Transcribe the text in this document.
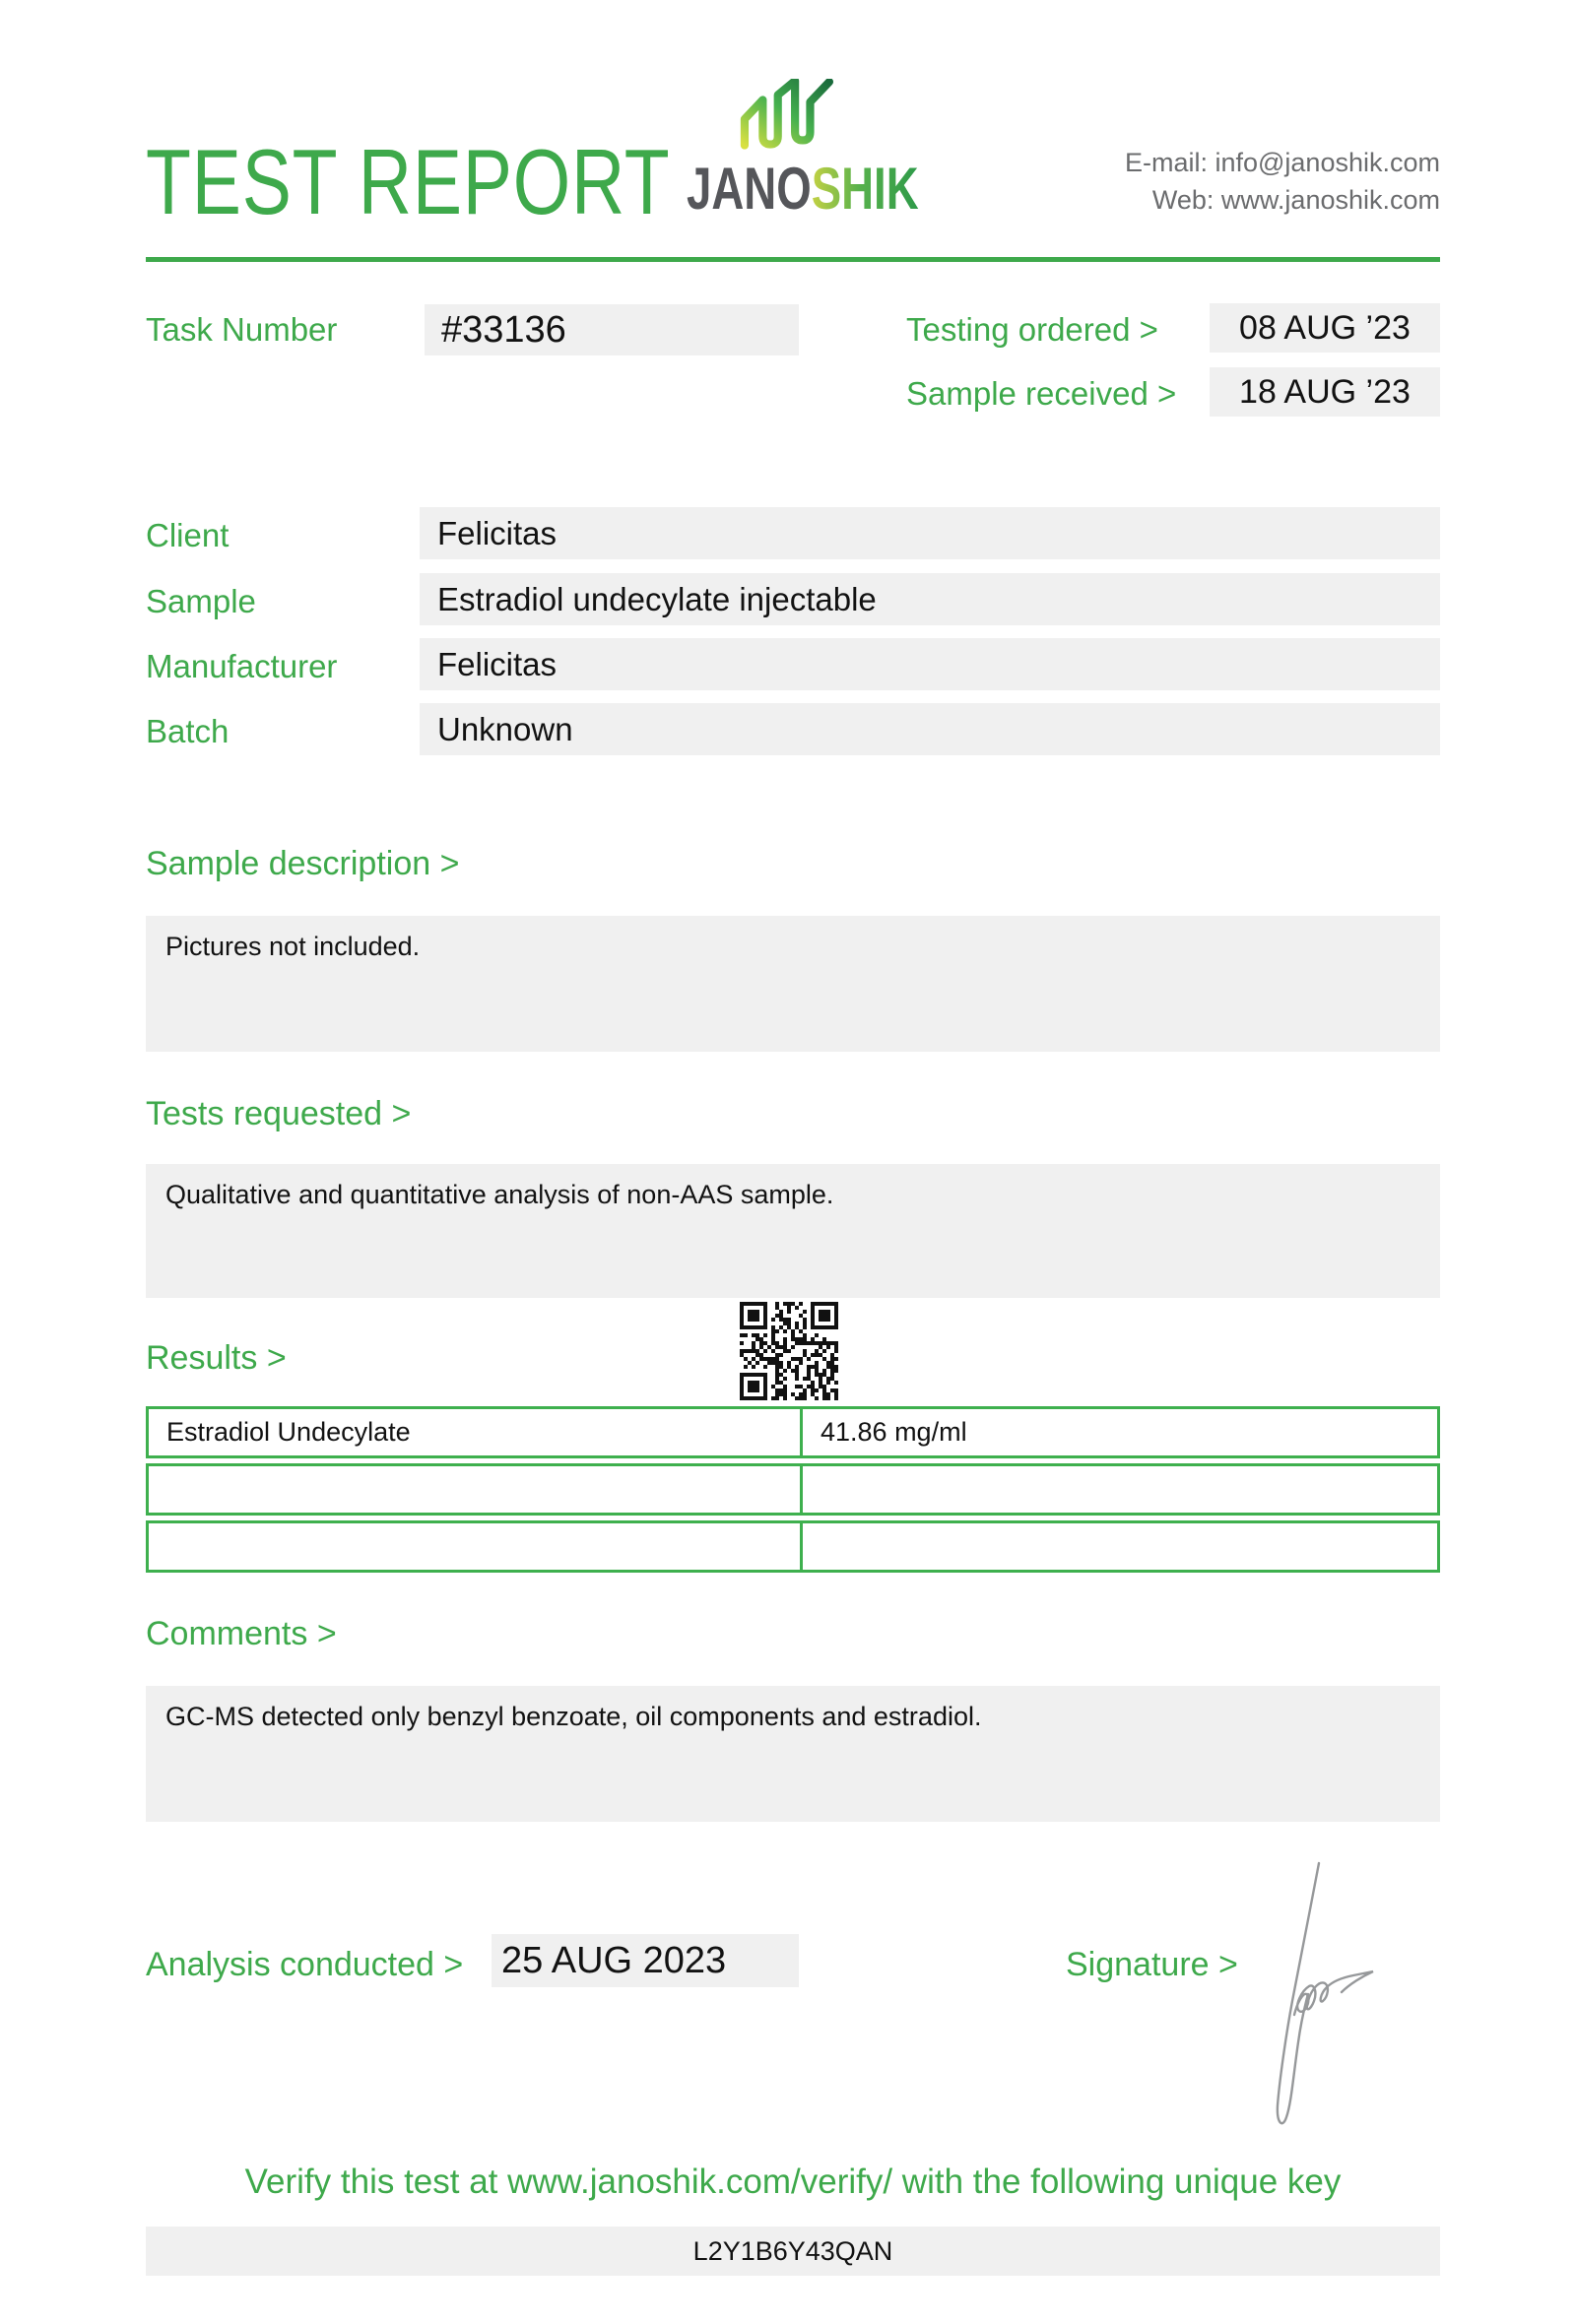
TEST REPORT JANOSHIK	E-mail: info@janoshik.com
Web: www.janoshik.com
Task Number	#33136	Testing ordered >	08 AUG ’23
Sample received >	18 AUG ’23
Client	Felicitas
Sample	Estradiol undecylate injectable
Manufacturer	Felicitas
Batch	Unknown
Sample description >
Pictures not included.
Tests requested >
Qualitative and quantitative analysis of non-AAS sample.
Results >
Estradiol Undecylate	41.86 mg/ml
Comments >
GC-MS detected only benzyl benzoate, oil components and estradiol.
Analysis conducted > 25 AUG 2023	Signature >
Verify this test at www.janoshik.com/verify/ with the following unique key
L2Y1B6Y43QAN
